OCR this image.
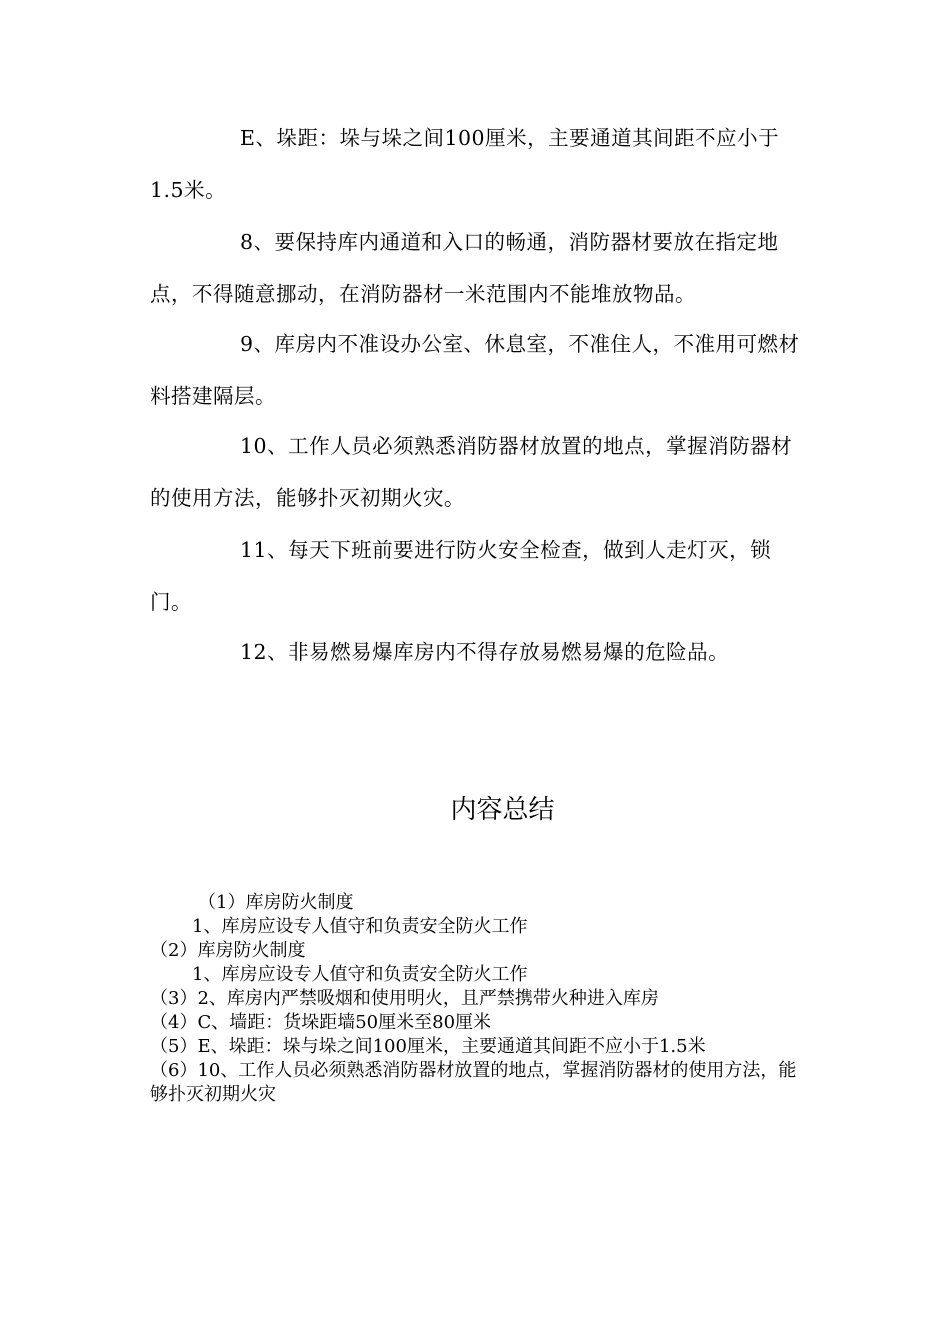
E、垛距：垛与垛之间100厘米，主要通道其间距不应小于1.5米。

8、要保持库内通道和入口的畅通，消防器材要放在指定地点，不得随意挪动，在消防器材一米范围内不能堆放物品。

9、库房内不准设办公室、休息室，不准住人，不准用可燃材料搭建隔层。

10、工作人员必须熟悉消防器材放置的地点，掌握消防器材的使用方法，能够扑灭初期火灾。

11、每天下班前要进行防火安全检查，做到人走灯灭，锁门。

12、非易燃易爆库房内不得存放易燃易爆的危险品。

内容总结

（1）库房防火制度

1、库房应设专人值守和负责安全防火工作

（2）库房防火制度

1、库房应设专人值守和负责安全防火工作

（3）2、库房内严禁吸烟和使用明火，且严禁携带火种进入库房

（4）C、墙距：货垛距墙50厘米至80厘米

（5）E、垛距：垛与垛之间100厘米，主要通道其间距不应小于1.5米

（6）10、工作人员必须熟悉消防器材放置的地点，掌握消防器材的使用方法，能够扑灭初期火灾
